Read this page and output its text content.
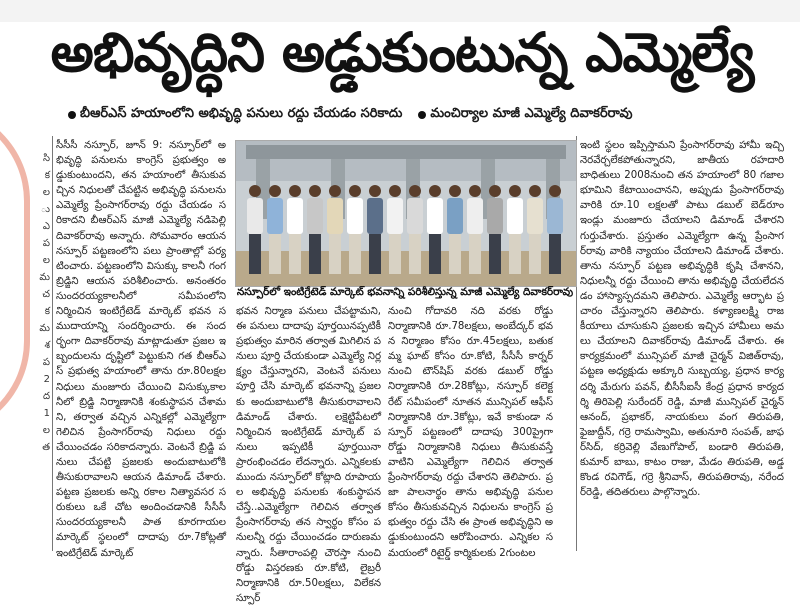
అభివృద్ధిని అడ్డుకుంటున్న ఎమ్మెల్యే
బీఆర్ఎస్ హయాంలోని అభివృద్ధి పనులు రద్దు చేయడం సరికాదు మంచిర్యాల మాజీ ఎమ్మెల్యే దివాకర్‌రావు
సి
క
ల
ు
ఎ
ప
ల
మ
చ
క
మ
శ
ప
2
ద
1
ల
త
సీసీసీ నస్పూర్, జూన్ 9: నస్పూర్‌లో అభివృద్ధి పనులను కాంగ్రెస్ ప్రభుత్వం అడ్డుకుంటుందని, తన హయాంలో తీసుకువచ్చిన నిధులతో చేపట్టిన అభివృద్ధి పనులను ఎమ్మెల్యే ప్రేంసాగర్‌రావు రద్దు చేయడం సరికాదని బీఆర్ఎస్ మాజీ ఎమ్మెల్యే నడిపెల్లి దివాకర్‌రావు అన్నారు. సోమవారం ఆయన నస్పూర్ పట్టణంలోని పలు ప్రాంతాల్లో పర్యటించారు. పట్టణంలోని విసుక్కు కాలనీ గంగ బ్రిడ్జిని ఆయన పరిశీలించారు. అనంతరం సుందరయ్యకాలనీలో సమీపంలోని నిర్మించిన ఇంటిగ్రేటెడ్ మార్కెట్ భవన సముదాయాన్ని సందర్శించారు. ఈ సందర్భంగా దివాకర్‌రావు మాట్లాడుతూ ప్రజల ఇబ్బందులను దృష్టిలో పెట్టుకుని గత బీఆర్ఎస్ ప్రభుత్వ హయాంలో తాను రూ.80లక్షల నిధులు మంజూరు చేయించి విసుక్కుకాలనీలో బ్రిడ్జి నిర్మాణానికి శంకుస్థాపన చేశామని, తర్వాత వచ్చిన ఎన్నికల్లో ఎమ్మెల్యేగా గెలిచిన ప్రేంసాగర్‌రావు నిధులు రద్దు చేయించడం సరికాదన్నారు. వెంటనే బ్రిడ్జి పనులు చేపట్టి ప్రజలకు అందుబాటులోకి తీసుకురావాలని ఆయన డిమాండ్ చేశారు. పట్టణ ప్రజలకు అన్ని రకాల నిత్యావసర సరుకులు ఒకే చోట అందించడానికి సీసీసీ సుందరయ్యకాలనీ పాత కూరగాయల మార్కెట్ స్థలంలో దాదాపు రూ.7కోట్లతో ఇంటిగ్రేటెడ్ మార్కెట్
నస్పూర్‌లో ఇంటిగ్రేటెడ్ మార్కెట్ భవనాన్ని పరిశీలిస్తున్న మాజీ ఎమ్మెల్యే దివాకర్‌రావు
భవన నిర్మాణ పనులు చేపట్టామని, ఈ పనులు దాదాపు పూర్తయినప్పటికీ ప్రభుత్వం మారిన తర్వాత మిగిలిన పనులు పూర్తి చేయకుండా ఎమ్మెల్యే నిర్లక్ష్యం చేస్తున్నారని, వెంటనే పనులు పూర్తి చేసి మార్కెట్ భవనాన్ని ప్రజలకు అందుబాటులోకి తీసుకురావాలని డిమాండ్ చేశారు. లక్షెట్టిపేటలో నిర్మించిన ఇంటిగ్రేటెడ్ మార్కెట్ పనులు ఇప్పటికీ పూర్తయినా ప్రారంభించడం లేదన్నారు. ఎన్నికలకు ముందు నస్పూర్‌లో కోట్లాది రూపాయల అభివృద్ధి పనులకు శంకుస్థాపన చేస్తే..ఎమ్మెల్యేగా గెలిచిన తర్వాత ప్రేంసాగర్‌రావు తన స్వార్థం కోసం పనులన్నీ రద్దు చేయించడం దారుణమన్నారు. సీతారాంపల్లి చౌరస్తా నుంచి రోడ్డు విస్తరణకు రూ.కోటి, లైబ్రరీ నిర్మాణానికి రూ.50లక్షలు, విలేకనస్పూర్
నుంచి గోదావరి నది వరకు రోడ్డు నిర్మాణానికి రూ.78లక్షలు, అంబేద్కర్ భవన నిర్మాణం కోసం రూ.45లక్షలు, బతుకమ్మ ఘాట్ కోసం రూ.కోటి, సీసీసీ కార్నర్ నుంచి టౌన్‌షిప్ వరకు డబుల్ రోడ్డు నిర్మాణానికి రూ.28కోట్లు, నస్పూర్ కలెక్టరేట్ సమీపంలో నూతన మున్సిపల్ ఆఫీస్ నిర్మాణానికి రూ.3కోట్లు, ఇవే కాకుండా నస్పూర్ పట్టణంలో దాదాపు 300ప్రైగా రోడ్డు నిర్మాణానికి నిధులు తీసుకువస్తే వాటిని ఎమ్మెల్యేగా గెలిచిన తర్వాత ప్రేంసాగర్‌రావు రద్దు చేశారని తెలిపారు. ప్రజా పాలనార్థం తాను అభివృద్ధి పనుల కోసం తీసుకువచ్చిన నిధులను కాంగ్రెస్ ప్రభుత్వం రద్దు చేసి ఈ ప్రాంత అభివృద్ధిని అడ్డుకుంటుందని ఆరోపించారు. ఎన్నికల సమయంలో రిటైర్డ్ కార్మికులకు 2గుంటల
ఇంటి స్థలం ఇప్పిస్తామని ప్రేంసాగర్‌రావు హామీ ఇచ్చి నెరవేర్చలేకపోతున్నారని, జాతీయ రహదారి బాధితులు 2008నుంచి తన హయాంలో 80 గజాల భూమిని కేటాయించానని, అప్పుడు ప్రేంసాగర్‌రావు వారికి రూ.10 లక్షలతో పాటు డబుల్ బెడ్‌రూం ఇండ్లు మంజూరు చేయాలని డిమాండ్ చేశారని గుర్తుచేశారు. ప్రస్తుతం ఎమ్మెల్యేగా ఉన్న ప్రేంసాగర్‌రావు వారికి న్యాయం చేయాలని డిమాండ్ చేశారు. తాను నస్పూర్ పట్టణ అభివృద్ధికి కృషి చేశానని, నిధులన్నీ రద్దు చేయించి తాను అభివృద్ధి చేయలేదనడం హాస్యాస్పదమని తెలిపారు. ఎమ్మెల్యే ఆర్భాట ప్రచారం చేస్తున్నారని తెలిపారు. కళ్యాణలక్ష్మి రాజకీయాలు చూసుకుని ప్రజలకు ఇచ్చిన హామీలు అమలు చేయాలని దివాకర్‌రావు డిమాండ్ చేశారు. ఈ కార్యక్రమంలో మున్సిపల్ మాజీ చైర్మన్ విజిత్‌రావు, పట్టణ అధ్యక్షుడు అక్కూరి సుబ్బయ్య, ప్రధాన కార్యదర్శి మేరుగు పవన్, బీసీసీఐసీ కేంద్ర ప్రధాన కార్యదర్శి తిరిపెల్లి సురేందర్ రెడ్డి, మాజీ మున్సిపల్ చైర్మన్ ఆనంద్, ప్రభాకర్, నాయకులు వంగ తిరుపతి, ఫైజుద్దీన్, గర్రె రామస్వామి, అతునూరి సంపత్, జాఫర్‌సిద్, కర్రివెల్లి వేణుగోపాల్, బండారి తిరుపతి, కుమార్ బాబు, కాటం రాజు, మేడం తిరుపతి, అడ్డకొండ రవిగౌడ్, గర్రె శ్రీనివాస్, తిరుపతిరావు, నరేందర్‌రెడ్డి, తదితరులు పాల్గొన్నారు.
